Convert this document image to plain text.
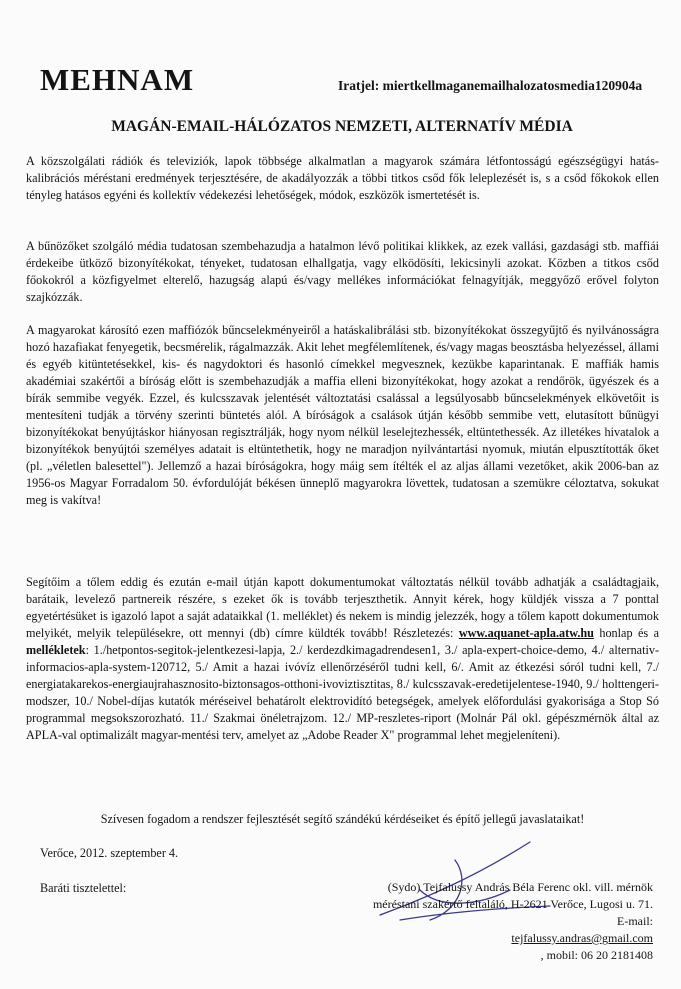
MEHNAM	Iratjel: miertkellmaganemailhalozatosmedia120904a
MAGÁN-EMAIL-HÁLÓZATOS NEMZETI, ALTERNATÍV MÉDIA

A közszolgálati rádiók és televiziók, lapok többsége alkalmatlan a magyarok számára létfontosságú egészségügyi hatás-kalibrációs méréstani eredmények terjesztésére, de akadályozzák a többi titkos csőd fők leleplezését is, s a csőd főkokok ellen tényleg hatásos egyéni és kollektív védekezési lehetőségek, módok, eszközök ismertetését is.

A bűnözőket szolgáló média tudatosan szembehazudja a hatalmon lévő politikai klikkek, az ezek vallási, gazdasági stb. maffiái érdekeibe ütköző bizonyítékokat, tényeket, tudatosan elhallgatja, vagy elködösíti, lekicsinyli azokat. Közben a titkos csőd főokokról a közfigyelmet elterelő, hazugság alapú és/vagy mellékes információkat felnagyítják, meggyőző erővel folyton szajkózzák.

A magyarokat károsító ezen maffiózók bűncselekményeiről a hatáskalibrálási stb. bizonyítékokat összegyűjtő és nyilvánosságra hozó hazafiakat fenyegetik, becsmérelik, rágalmazzák. Akit lehet megfélemlítenek, és/vagy magas beosztásba helyezéssel, állami és egyéb kitüntetésekkel, kis- és nagydoktori és hasonló címekkel megvesznek, kezükbe kaparintanak. E maffiák hamis akadémiai szakértői a bíróság előtt is szembehazudják a maffia elleni bizonyítékokat, hogy azokat a rendőrök, ügyészek és a bírák semmibe vegyék. Ezzel, és kulcsszavak jelentését változtatási csalással a legsúlyosabb bűncselekmények elkövetőit is mentesíteni tudják a törvény szerinti büntetés alól. A bíróságok a csalások útján később semmibe vett, elutasított bűnügyi bizonyítékokat benyújtáskor hiányosan regisztrálják, hogy nyom nélkül leselejtezhessék, eltüntethessék. Az illetékes hivatalok a bizonyítékok benyújtói személyes adatait is eltüntethetik, hogy ne maradjon nyilvántartási nyomuk, miután elpusztították őket (pl. „véletlen balesettel"). Jellemző a hazai bíróságokra, hogy máig sem ítélték el az aljas állami vezetőket, akik 2006-ban az 1956-os Magyar Forradalom 50. évfordulóját békésen ünneplő magyarokra lövettek, tudatosan a szemükre céloztatva, sokukat meg is vakítva!

Segítőim a tőlem eddig és ezután e-mail útján kapott dokumentumokat változtatás nélkül tovább adhatják a családtagjaik, barátaik, levelező partnereik részére, s ezeket ők is tovább terjeszthetik. Annyit kérek, hogy küldjék vissza a 7 ponttal egyetértésüket is igazoló lapot a saját adataikkal (1. melléklet) és nekem is mindig jelezzék, hogy a tőlem kapott dokumentumok melyikét, melyik településekre, ott mennyi (db) címre küldték tovább! Részletezés: www.aquanet-apla.atw.hu honlap és a mellékletek: 1./hetpontos-segitok-jelentkezesi-lapja, 2./ kerdezdkimagadrendesen1, 3./ apla-expert-choice-demo, 4./ alternativ-informacios-apla-system-120712, 5./ Amit a hazai ivóvíz ellenőrzéséről tudni kell, 6/. Amit az étkezési sóról tudni kell, 7./ energiatakarekos-energiaujrahasznosito-biztonsagos-otthoni-ivoviztisztitas, 8./ kulcsszavak-eredetijelentese-1940, 9./ holttengeri-modszer, 10./ Nobel-díjas kutatók méréseivel behatárolt elektrovidító betegségek, amelyek előfordulási gyakorisága a Stop Só programmal megsokszorozható. 11./ Szakmai önéletrajzom. 12./ MP-reszletes-riport (Molnár Pál okl. gépészmérnök által az APLA-val optimalizált magyar-mentési terv, amelyet az „Adobe Reader X" programmal lehet megjeleníteni).

Szívesen fogadom a rendszer fejlesztését segítő szándékú kérdéseiket és építő jellegű javaslataikat!
Verőce, 2012. szeptember 4.
Baráti tisztelettel:	(Sydo) Tejfalussy András Béla Ferenc okl. vill. mérnök
méréstani szakértő feltaláló, H-2621 Verőce, Lugosi u. 71.
E-mail:
tejfalussy.andras@gmail.com
, mobil: 06 20 2181408
